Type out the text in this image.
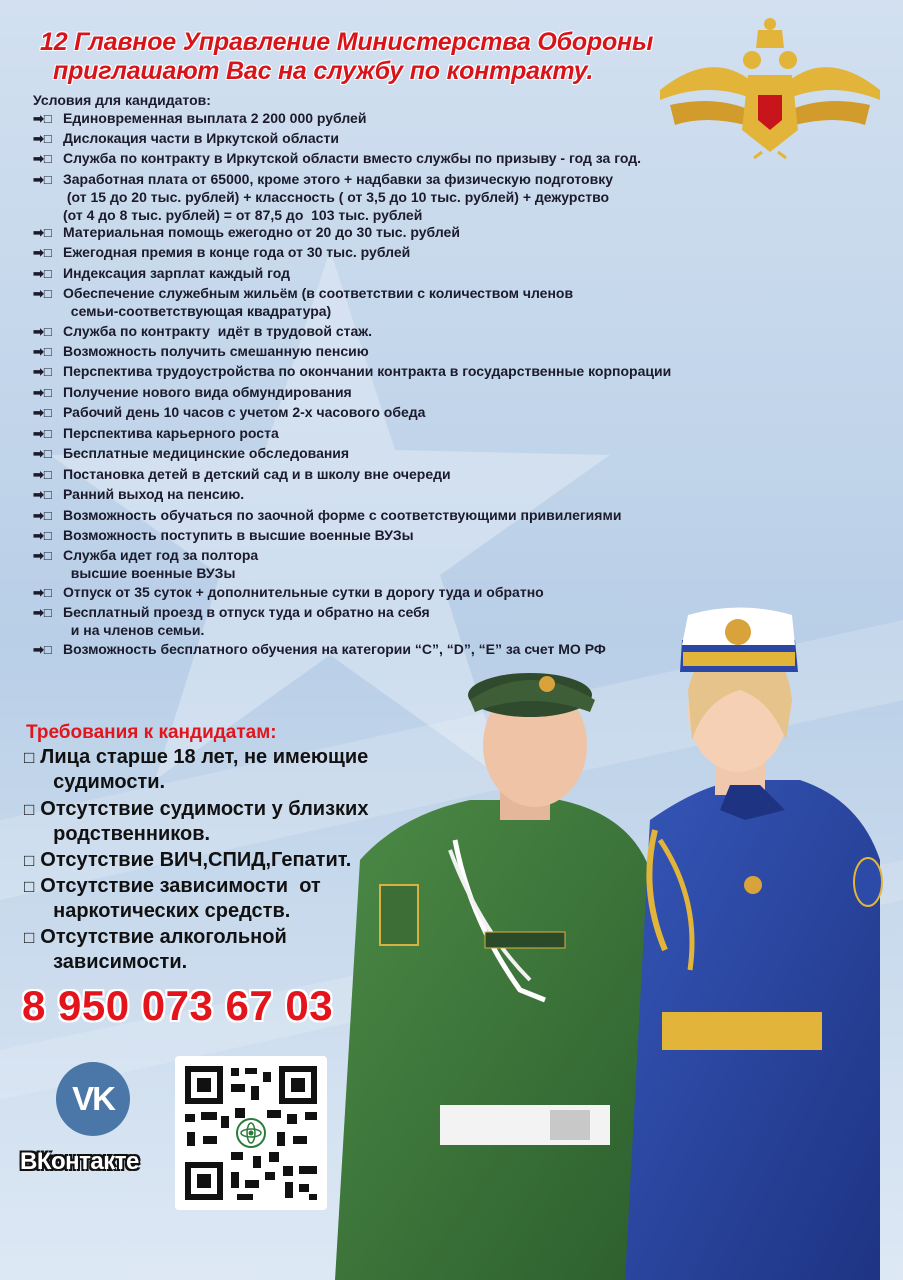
12 Главное Управление Министерства Обороны
приглашают Вас на службу по контракту.
Условия для кандидатов:
➡□ Единовременная выплата 2 200 000 рублей
➡□ Дислокация части в Иркутской области
➡□ Служба по контракту в Иркутской области вместо службы по призыву - год за год.
➡□ Заработная плата от 65000, кроме этого + надбавки за физическую подготовку
(от 15 до 20 тыс. рублей) + классность ( от 3,5 до 10 тыс. рублей) + дежурство
(от 4 до 8 тыс. рублей) = от 87,5 до  103 тыс. рублей
➡□ Материальная помощь ежегодно от 20 до 30 тыс. рублей
➡□ Ежегодная премия в конце года от 30 тыс. рублей
➡□ Индексация зарплат каждый год
➡□ Обеспечение служебным жильём (в соответствии с количеством членов
семьи-соответствующая квадратура)
➡□ Служба по контракту  идёт в трудовой стаж.
➡□ Возможность получить смешанную пенсию
➡□ Перспектива трудоустройства по окончании контракта в государственные корпорации
➡□ Получение нового вида обмундирования
➡□ Рабочий день 10 часов с учетом 2-х часового обеда
➡□ Перспектива карьерного роста
➡□ Бесплатные медицинские обследования
➡□ Постановка детей в детский сад и в школу вне очереди
➡□ Ранний выход на пенсию.
➡□ Возможность обучаться по заочной форме с соответствующими привилегиями
➡□ Возможность поступить в высшие военные ВУЗы
➡□ Служба идет год за полтора
высшие военные ВУЗы
➡□ Отпуск от 35 суток + дополнительные сутки в дорогу туда и обратно
➡□ Бесплатный проезд в отпуск туда и обратно на себя
и на членов семьи.
➡□ Возможность бесплатного обучения на категории “C”, “D”, “E” за счет МО РФ
Требования к кандидатам:
□ Лица старше 18 лет, не имеющие
судимости.
□ Отсутствие судимости у близких
родственников.
□ Отсутствие ВИЧ,СПИД,Гепатит.
□ Отсутствие зависимости  от
наркотических средств.
□ Отсутствие алкогольной
зависимости.
8 950 073 67 03
VK
ВКонтакте
